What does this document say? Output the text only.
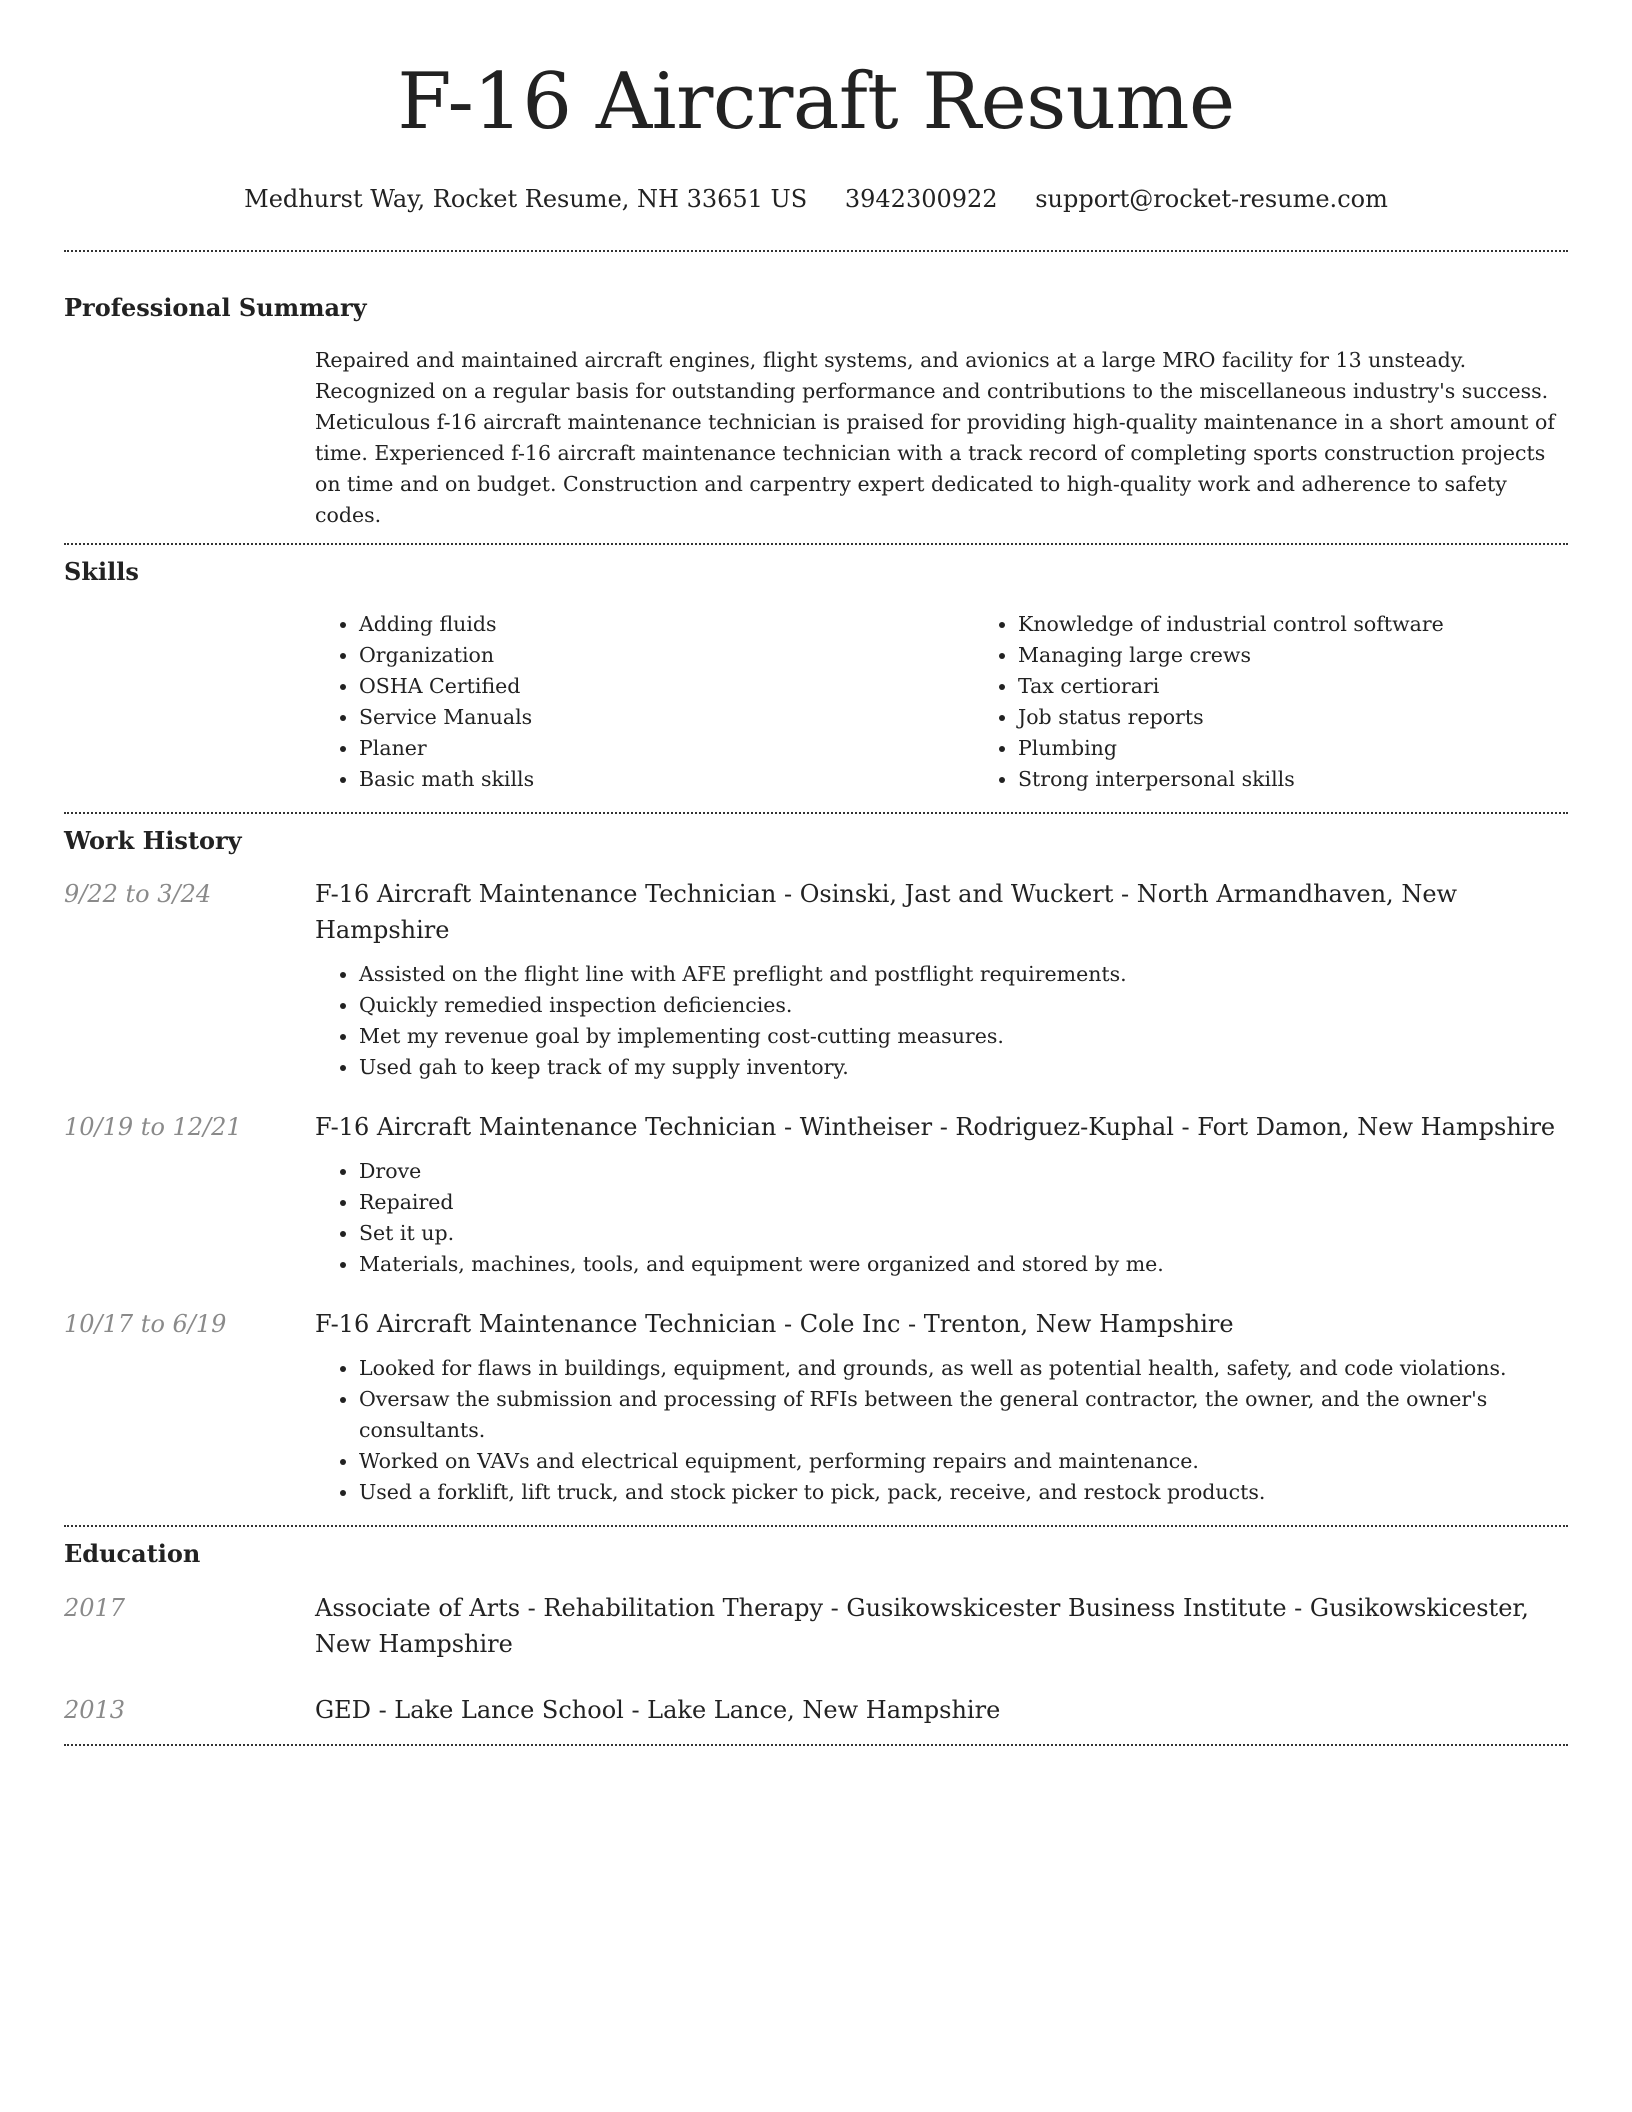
F-16 Aircraft Resume
Medhurst Way, Rocket Resume, NH 33651 US 3942300922 support@rocket-resume.com
Professional Summary

Repaired and maintained aircraft engines, flight systems, and avionics at a large MRO facility for 13 unsteady. Recognized on a regular basis for outstanding performance and contributions to the miscellaneous industry's success. Meticulous f-16 aircraft maintenance technician is praised for providing high-quality maintenance in a short amount of time. Experienced f-16 aircraft maintenance technician with a track record of completing sports construction projects on time and on budget. Construction and carpentry expert dedicated to high-quality work and adherence to safety codes.

Skills
• Adding fluids
• Organization
• OSHA Certified
• Service Manuals
• Planer
• Basic math skills
• Knowledge of industrial control software
• Managing large crews
• Tax certiorari
• Job status reports
• Plumbing
• Strong interpersonal skills
Work History
9/22 to 3/24	F-16 Aircraft Maintenance Technician - Osinski, Jast and Wuckert - North Armandhaven, New Hampshire
• Assisted on the flight line with AFE preflight and postflight requirements.
• Quickly remedied inspection deficiencies.
• Met my revenue goal by implementing cost-cutting measures.
• Used gah to keep track of my supply inventory.
10/19 to 12/21	F-16 Aircraft Maintenance Technician - Wintheiser - Rodriguez-Kuphal - Fort Damon, New Hampshire
• Drove
• Repaired
• Set it up.
• Materials, machines, tools, and equipment were organized and stored by me.
10/17 to 6/19	F-16 Aircraft Maintenance Technician - Cole Inc - Trenton, New Hampshire
• Looked for flaws in buildings, equipment, and grounds, as well as potential health, safety, and code violations.
• Oversaw the submission and processing of RFIs between the general contractor, the owner, and the owner's consultants.
• Worked on VAVs and electrical equipment, performing repairs and maintenance.
• Used a forklift, lift truck, and stock picker to pick, pack, receive, and restock products.
Education
2017	Associate of Arts - Rehabilitation Therapy - Gusikowskicester Business Institute - Gusikowskicester, New Hampshire
2013	GED - Lake Lance School - Lake Lance, New Hampshire
